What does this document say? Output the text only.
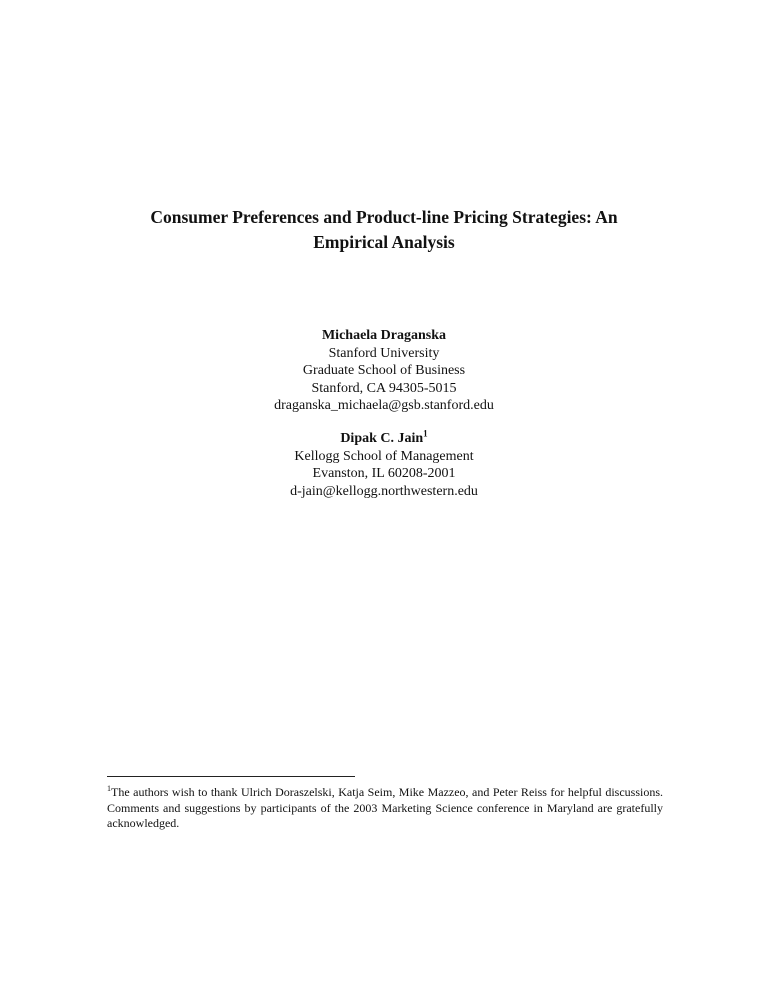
Consumer Preferences and Product-line Pricing Strategies: An
Empirical Analysis
Michaela Draganska
Stanford University
Graduate School of Business
Stanford, CA 94305-5015
draganska_michaela@gsb.stanford.edu
Dipak C. Jain$^1$
Kellogg School of Management
Evanston, IL 60208-2001
d-jain@kellogg.northwestern.edu
$^1$The authors wish to thank Ulrich Doraszelski, Katja Seim, Mike Mazzeo, and Peter Reiss for helpful discussions. Comments and suggestions by participants of the 2003 Marketing Science conference in Maryland are gratefully acknowledged.
